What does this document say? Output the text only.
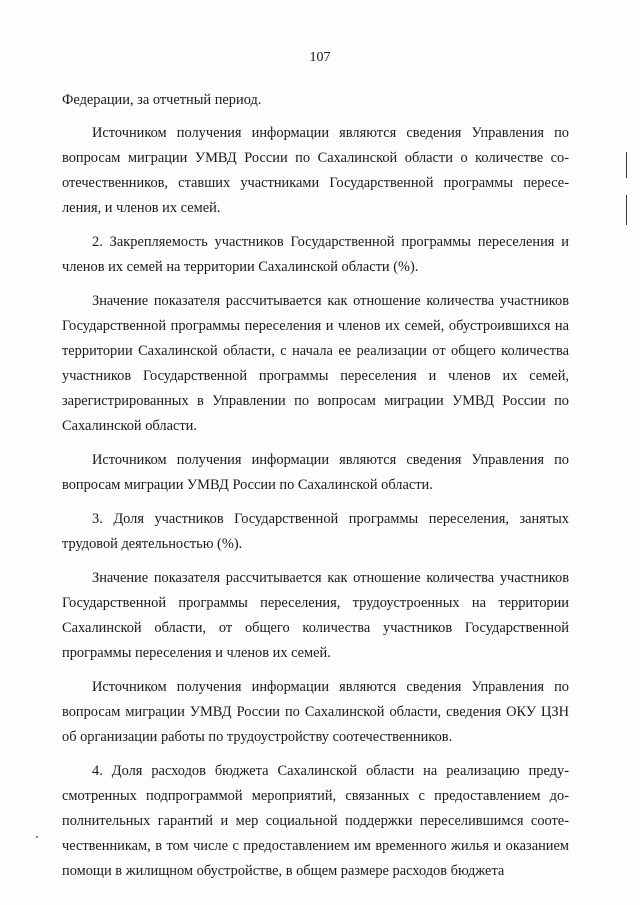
107

Федерации, за отчетный период.

Источником получения информации являются сведения Управления по вопросам миграции УМВД России по Сахалинской области о количестве соотечественников, ставших участниками Государственной программы переселения, и членов их семей.

2. Закрепляемость участников Государственной программы переселения и членов их семей на территории Сахалинской области (%).

Значение показателя рассчитывается как отношение количества участников Государственной программы переселения и членов их семей, обустроившихся на территории Сахалинской области, с начала ее реализации от общего количества участников Государственной программы переселения и членов их семей, зарегистрированных в Управлении по вопросам миграции УМВД России по Сахалинской области.

Источником получения информации являются сведения Управления по вопросам миграции УМВД России по Сахалинской области.

3. Доля участников Государственной программы переселения, занятых трудовой деятельностью (%).

Значение показателя рассчитывается как отношение количества участников Государственной программы переселения, трудоустроенных на территории Сахалинской области, от общего количества участников Государственной программы переселения и членов их семей.

Источником получения информации являются сведения Управления по вопросам миграции УМВД России по Сахалинской области, сведения ОКУ ЦЗН об организации работы по трудоустройству соотечественников.

4. Доля расходов бюджета Сахалинской области на реализацию предусмотренных подпрограммой мероприятий, связанных с предоставлением дополнительных гарантий и мер социальной поддержки переселившимся соотeчественникам, в том числе с предоставлением им временного жилья и оказанием помощи в жилищном обустройстве, в общем размере расходов бюджета
